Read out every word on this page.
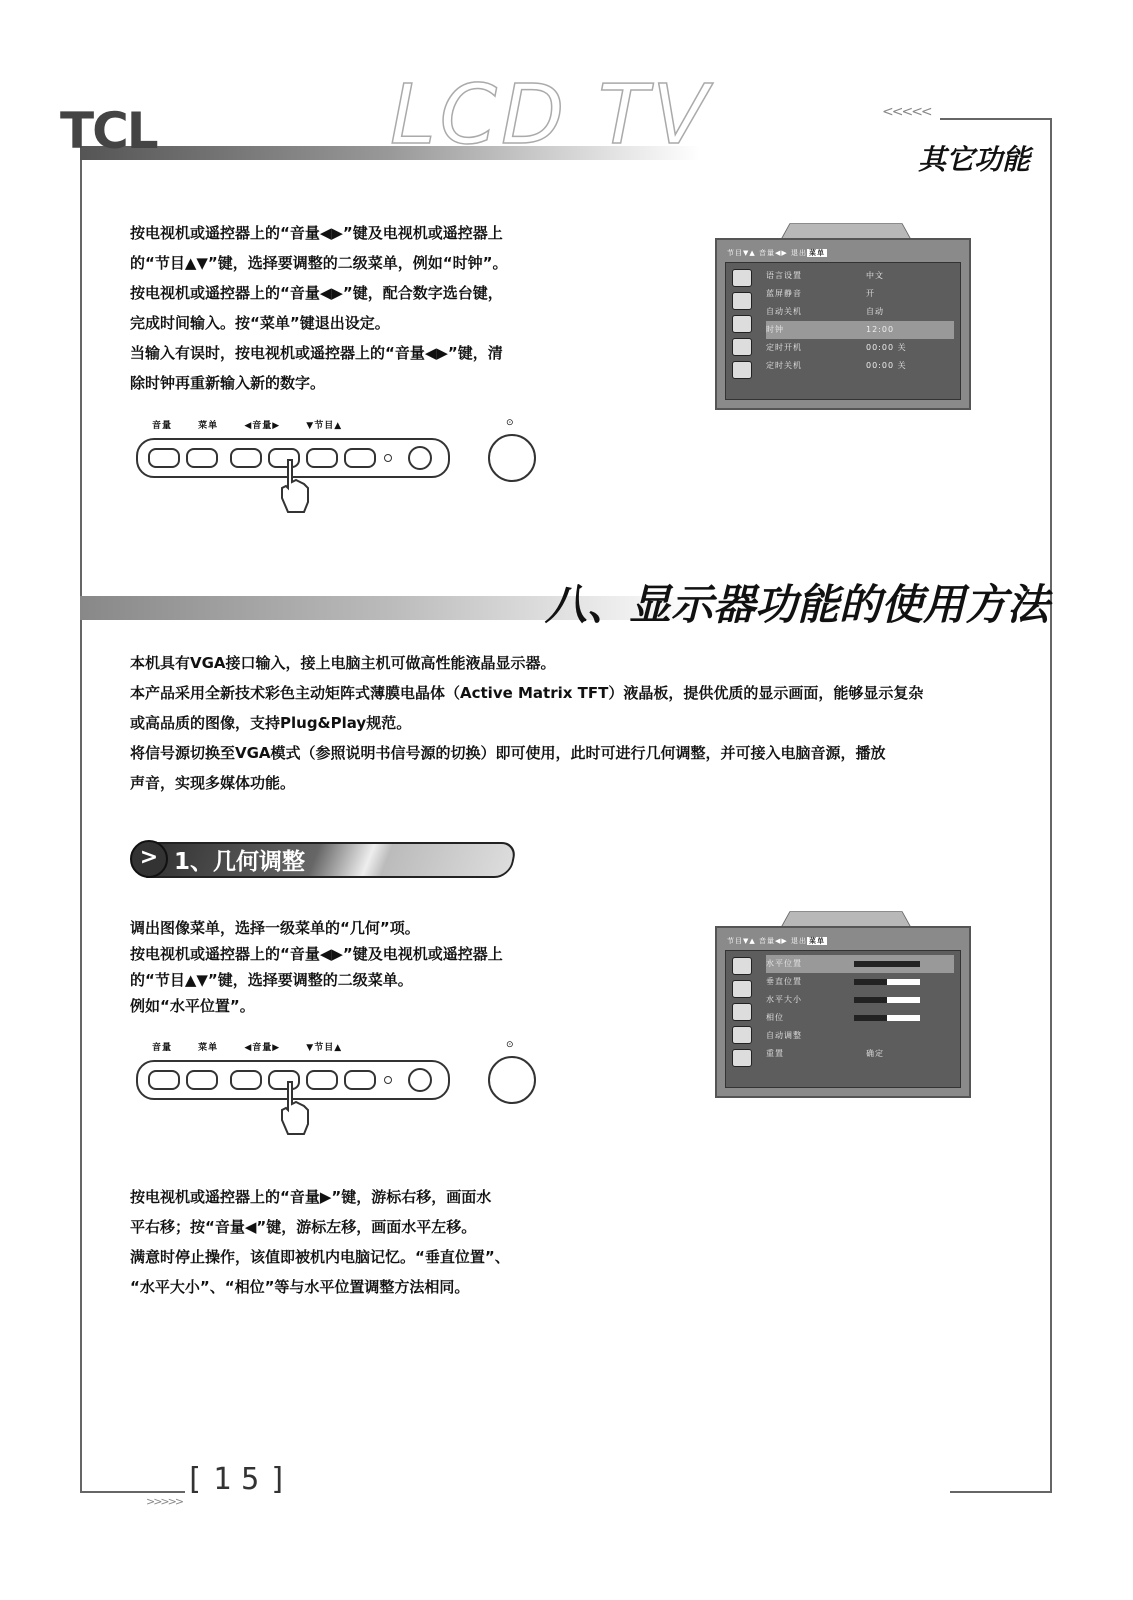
TCL	LCD TV	<<<<<
其它功能
按电视机或遥控器上的“音量◀▶”键及电视机或遥控器上
的“节目▲▼”键，选择要调整的二级菜单，例如“时钟”。
按电视机或遥控器上的“音量◀▶”键，配合数字选台键，
完成时间输入。按“菜单”键退出设定。
当输入有误时，按电视机或遥控器上的“音量◀▶”键，清
除时钟再重新输入新的数字。
音量	菜单	◀音量▶	▼节目▲	⊙
节目▼▲ 音量◀▶ 退出 菜单
语言设置	中文
蓝屏静音	开
自动关机	自动
时钟	12:00
定时开机	00:00 关
定时关机	00:00 关
八、显示器功能的使用方法
本机具有VGA接口输入，接上电脑主机可做高性能液晶显示器。
本产品采用全新技术彩色主动矩阵式薄膜电晶体（Active Matrix TFT）液晶板，提供优质的显示画面，能够显示复杂
或高品质的图像，支持Plug&Play规范。
将信号源切换至VGA模式（参照说明书信号源的切换）即可使用，此时可进行几何调整，并可接入电脑音源，播放
声音，实现多媒体功能。
> 1、几何调整
调出图像菜单，选择一级菜单的“几何”项。
按电视机或遥控器上的“音量◀▶”键及电视机或遥控器上
的“节目▲▼”键，选择要调整的二级菜单。
例如“水平位置”。
音量	菜单	◀音量▶	▼节目▲	⊙
节目▼▲ 音量◀▶ 退出 菜单
水平位置
垂直位置
水平大小
相位
自动调整
重置	确定
按电视机或遥控器上的“音量▶”键，游标右移，画面水
平右移；按“音量◀”键，游标左移，画面水平左移。
满意时停止操作，该值即被机内电脑记忆。“垂直位置”、
“水平大小”、“相位”等与水平位置调整方法相同。
>>>>>
[15]
